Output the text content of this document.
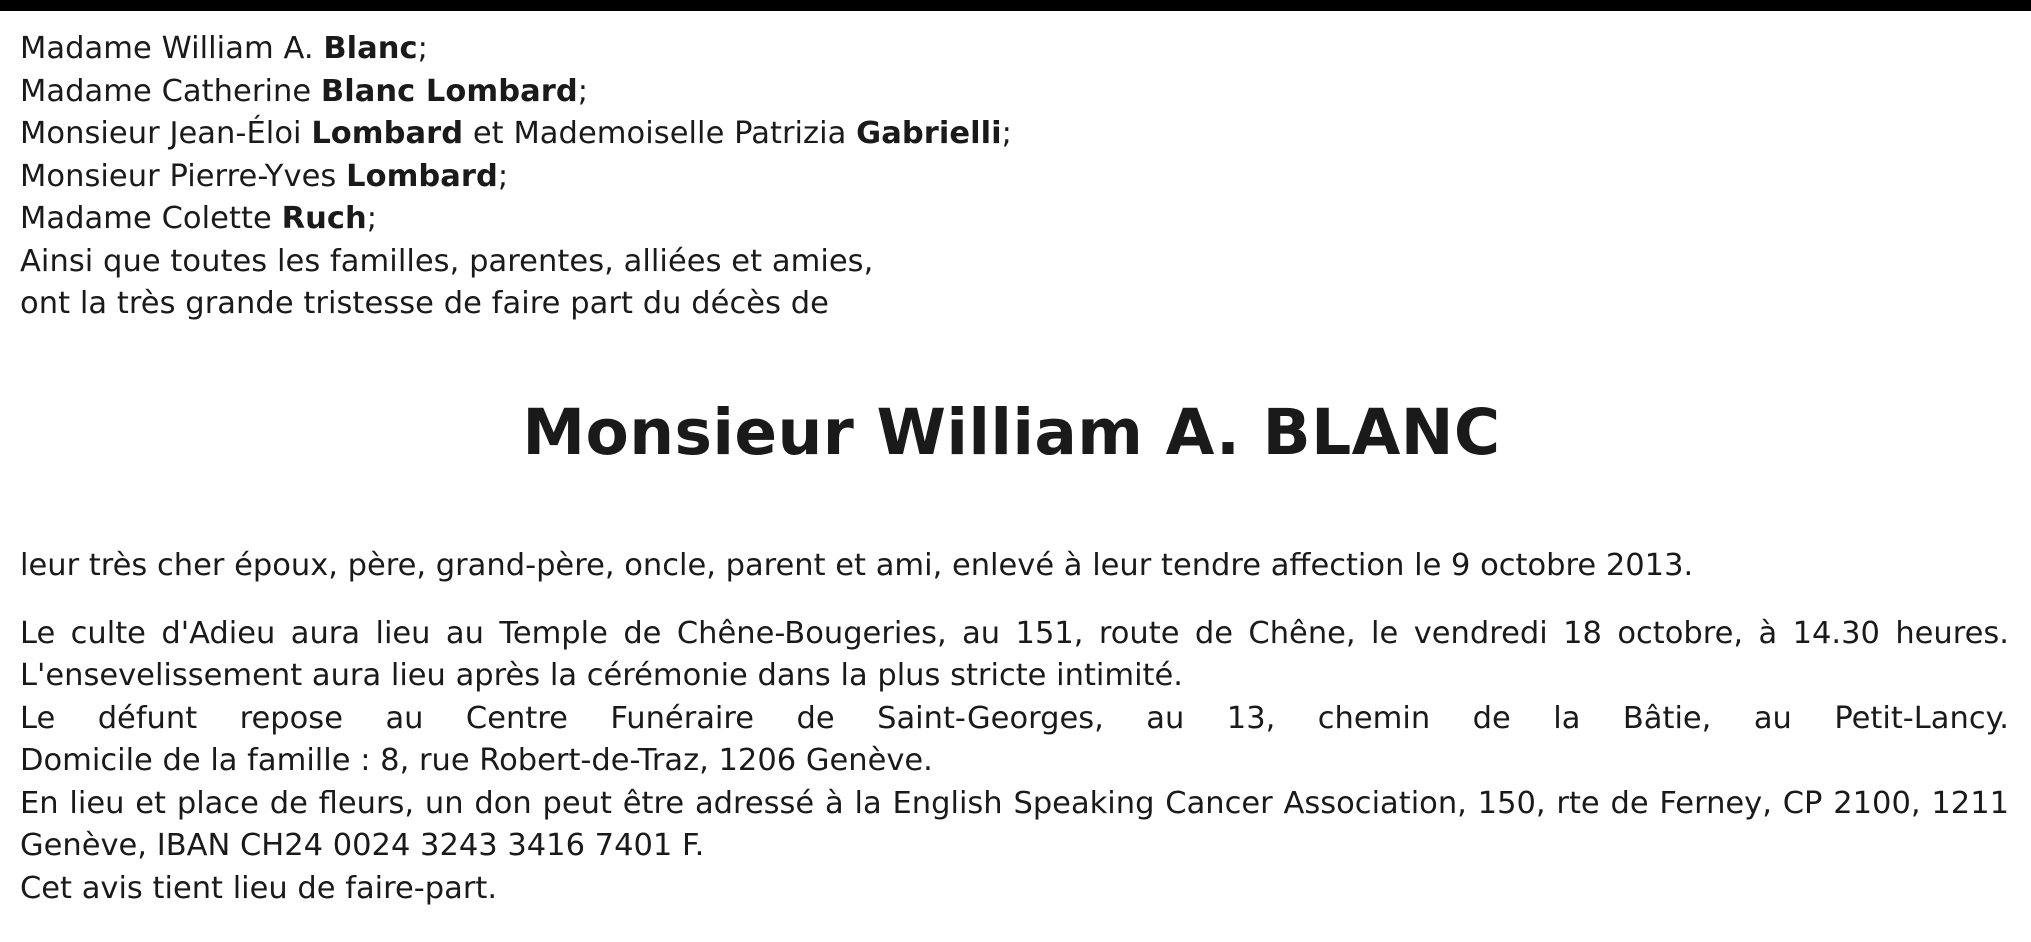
Madame William A. Blanc;
Madame Catherine Blanc Lombard;
Monsieur Jean-Éloi Lombard et Mademoiselle Patrizia Gabrielli;
Monsieur Pierre-Yves Lombard;
Madame Colette Ruch;
Ainsi que toutes les familles, parentes, alliées et amies,
ont la très grande tristesse de faire part du décès de
Monsieur William A. BLANC
leur très cher époux, père, grand-père, oncle, parent et ami, enlevé à leur tendre affection le 9 octobre 2013.

Le culte d'Adieu aura lieu au Temple de Chêne-Bougeries, au 151, route de Chêne, le vendredi 18 octobre, à 14.30 heures.

L'ensevelissement aura lieu après la cérémonie dans la plus stricte intimité.

Le défunt repose au Centre Funéraire de Saint-Georges, au 13, chemin de la Bâtie, au Petit-Lancy.

Domicile de la famille : 8, rue Robert-de-Traz, 1206 Genève.

En lieu et place de fleurs, un don peut être adressé à la English Speaking Cancer Association, 150, rte de Ferney, CP 2100, 1211 Genève, IBAN CH24 0024 3243 3416 7401 F.

Cet avis tient lieu de faire-part.
